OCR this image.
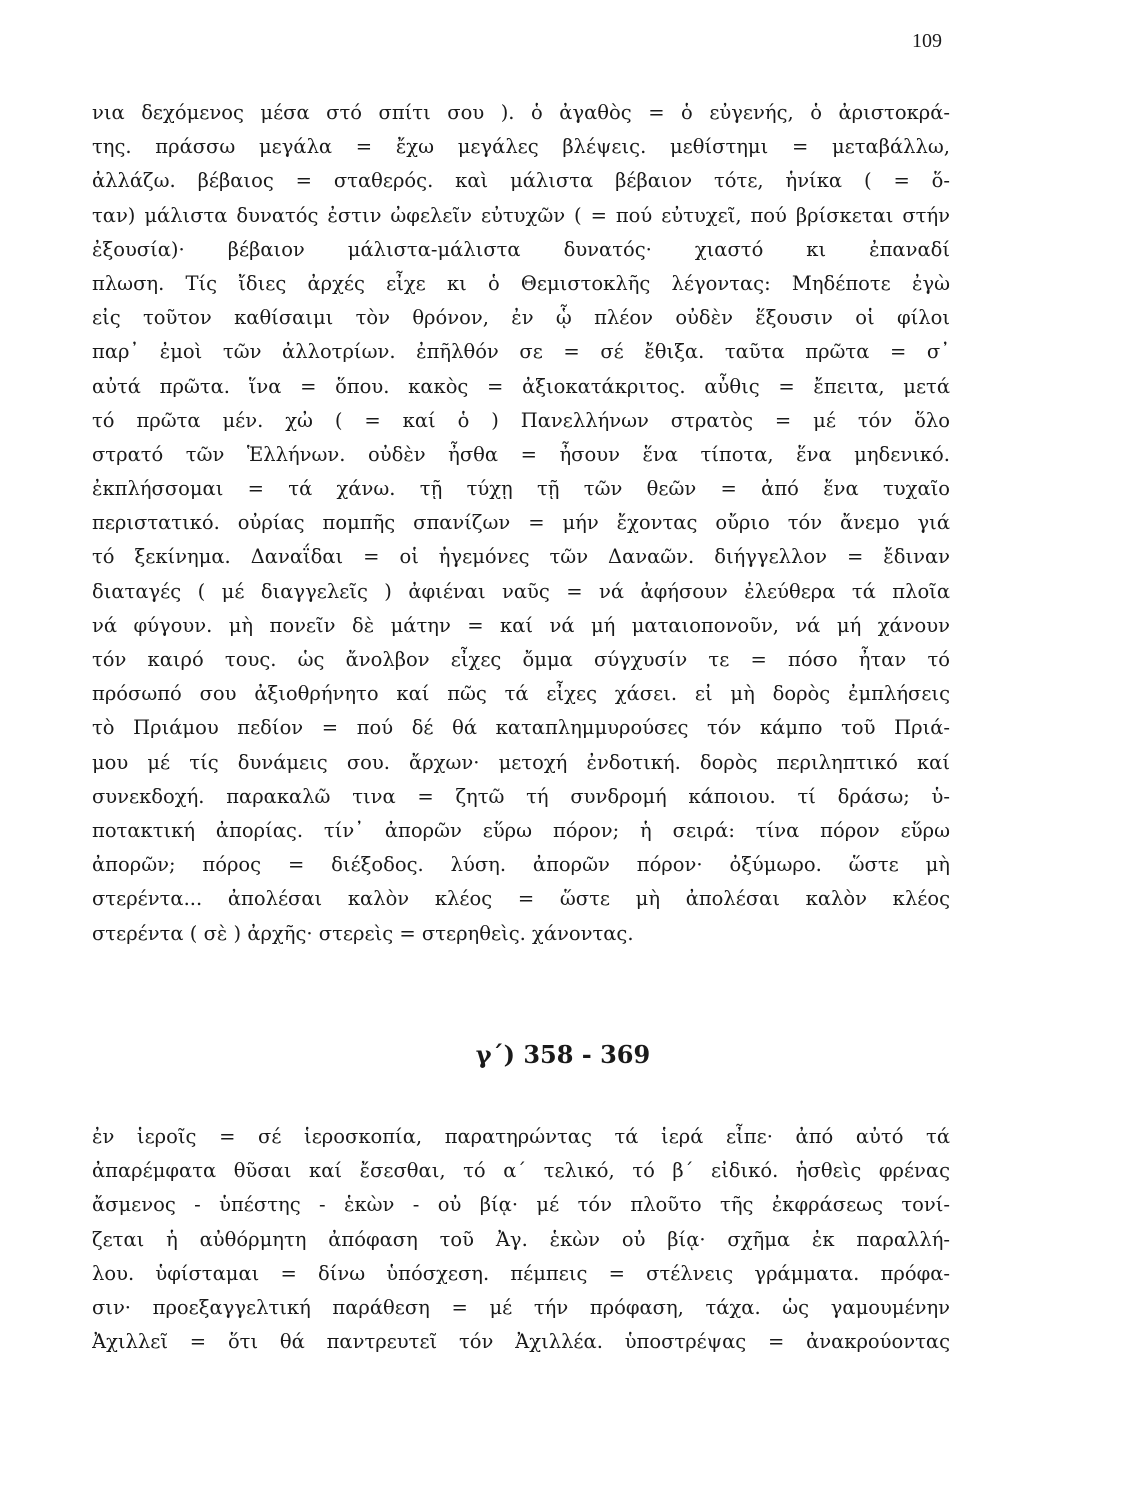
109
νια δεχόμενος μέσα στό σπίτι σου ). ὁ ἀγαθὸς = ὁ εὐγενής, ὁ ἀριστοκρά-
της. πράσσω μεγάλα = ἔχω μεγάλες βλέψεις. μεθίστημι = μεταβάλλω,
ἀλλάζω. βέβαιος = σταθερός. καὶ μάλιστα βέβαιον τότε, ἡνίκα ( = ὅ-
ταν) μάλιστα δυνατός ἐστιν ὠφελεῖν εὐτυχῶν ( = πού εὐτυχεῖ, πού βρίσκεται στήν
ἐξουσία)· βέβαιον μάλιστα-μάλιστα δυνατός· χιαστό κι ἐπαναδί
πλωση. Τίς ἴδιες ἀρχές εἶχε κι ὁ Θεμιστοκλῆς λέγοντας: Μηδέποτε ἐγὼ
εἰς τοῦτον καθίσαιμι τὸν θρόνον, ἐν ᾧ πλέον οὐδὲν ἕξουσιν οἱ φίλοι
παρ᾽ ἐμοὶ τῶν ἀλλοτρίων. ἐπῆλθόν σε = σέ ἔθιξα. ταῦτα πρῶτα = σ᾽
αὐτά πρῶτα. ἵνα = ὅπου. κακὸς = ἀξιοκατάκριτος. αὖθις = ἔπειτα, μετά
τό πρῶτα μέν. χὠ ( = καί ὁ ) Πανελλήνων στρατὸς = μέ τόν ὅλο
στρατό τῶν Ἑλλήνων. οὐδὲν ἦσθα = ἦσουν ἕνα τίποτα, ἕνα μηδενικό.
ἐκπλήσσομαι = τά χάνω. τῇ τύχῃ τῇ τῶν θεῶν = ἀπό ἕνα τυχαῖο
περιστατικό. οὐρίας πομπῆς σπανίζων = μήν ἔχοντας οὔριο τόν ἄνεμο γιά
τό ξεκίνημα. Δαναΐδαι = οἱ ἡγεμόνες τῶν Δαναῶν. διήγγελλον = ἔδιναν
διαταγές ( μέ διαγγελεῖς ) ἀφιέναι ναῦς = νά ἀφήσουν ἐλεύθερα τά πλοῖα
νά φύγουν. μὴ πονεῖν δὲ μάτην = καί νά μή ματαιοπονοῦν, νά μή χάνουν
τόν καιρό τους. ὡς ἄνολβον εἶχες ὄμμα σύγχυσίν τε = πόσο ἦταν τό
πρόσωπό σου ἀξιοθρήνητο καί πῶς τά εἶχες χάσει. εἰ μὴ δορὸς ἐμπλήσεις
τὸ Πριάμου πεδίον = πού δέ θά καταπλημμυρούσες τόν κάμπο τοῦ Πριά-
μου μέ τίς δυνάμεις σου. ἄρχων· μετοχή ἐνδοτική. δορὸς περιληπτικό καί
συνεκδοχή. παρακαλῶ τινα = ζητῶ τή συνδρομή κάποιου. τί δράσω; ὑ-
ποτακτική ἀπορίας. τίν᾽ ἀπορῶν εὕρω πόρον; ἡ σειρά: τίνα πόρον εὕρω
ἀπορῶν; πόρος = διέξοδος. λύση. ἀπορῶν πόρον· ὀξύμωρο. ὥστε μὴ
στερέντα... ἀπολέσαι καλὸν κλέος = ὥστε μὴ ἀπολέσαι καλὸν κλέος
στερέντα ( σὲ ) ἀρχῆς· στερεὶς = στερηθεὶς. χάνοντας.
γ΄) 358 - 369
ἐν ἱεροῖς = σέ ἱεροσκοπία, παρατηρώντας τά ἱερά εἶπε· ἀπό αὐτό τά
ἀπαρέμφατα θῦσαι καί ἔσεσθαι, τό α΄ τελικό, τό β΄ εἰδικό. ἡσθεὶς φρένας
ἄσμενος - ὑπέστης - ἑκὼν - οὐ βίᾳ· μέ τόν πλοῦτο τῆς ἐκφράσεως τονί-
ζεται ἡ αὐθόρμητη ἀπόφαση τοῦ Ἀγ. ἑκὼν οὐ βίᾳ· σχῆμα ἐκ παραλλή-
λου. ὑφίσταμαι = δίνω ὑπόσχεση. πέμπεις = στέλνεις γράμματα. πρόφα-
σιν· προεξαγγελτική παράθεση = μέ τήν πρόφαση, τάχα. ὡς γαμουμένην
Ἀχιλλεῖ = ὅτι θά παντρευτεῖ τόν Ἀχιλλέα. ὑποστρέψας = ἀνακρούοντας
